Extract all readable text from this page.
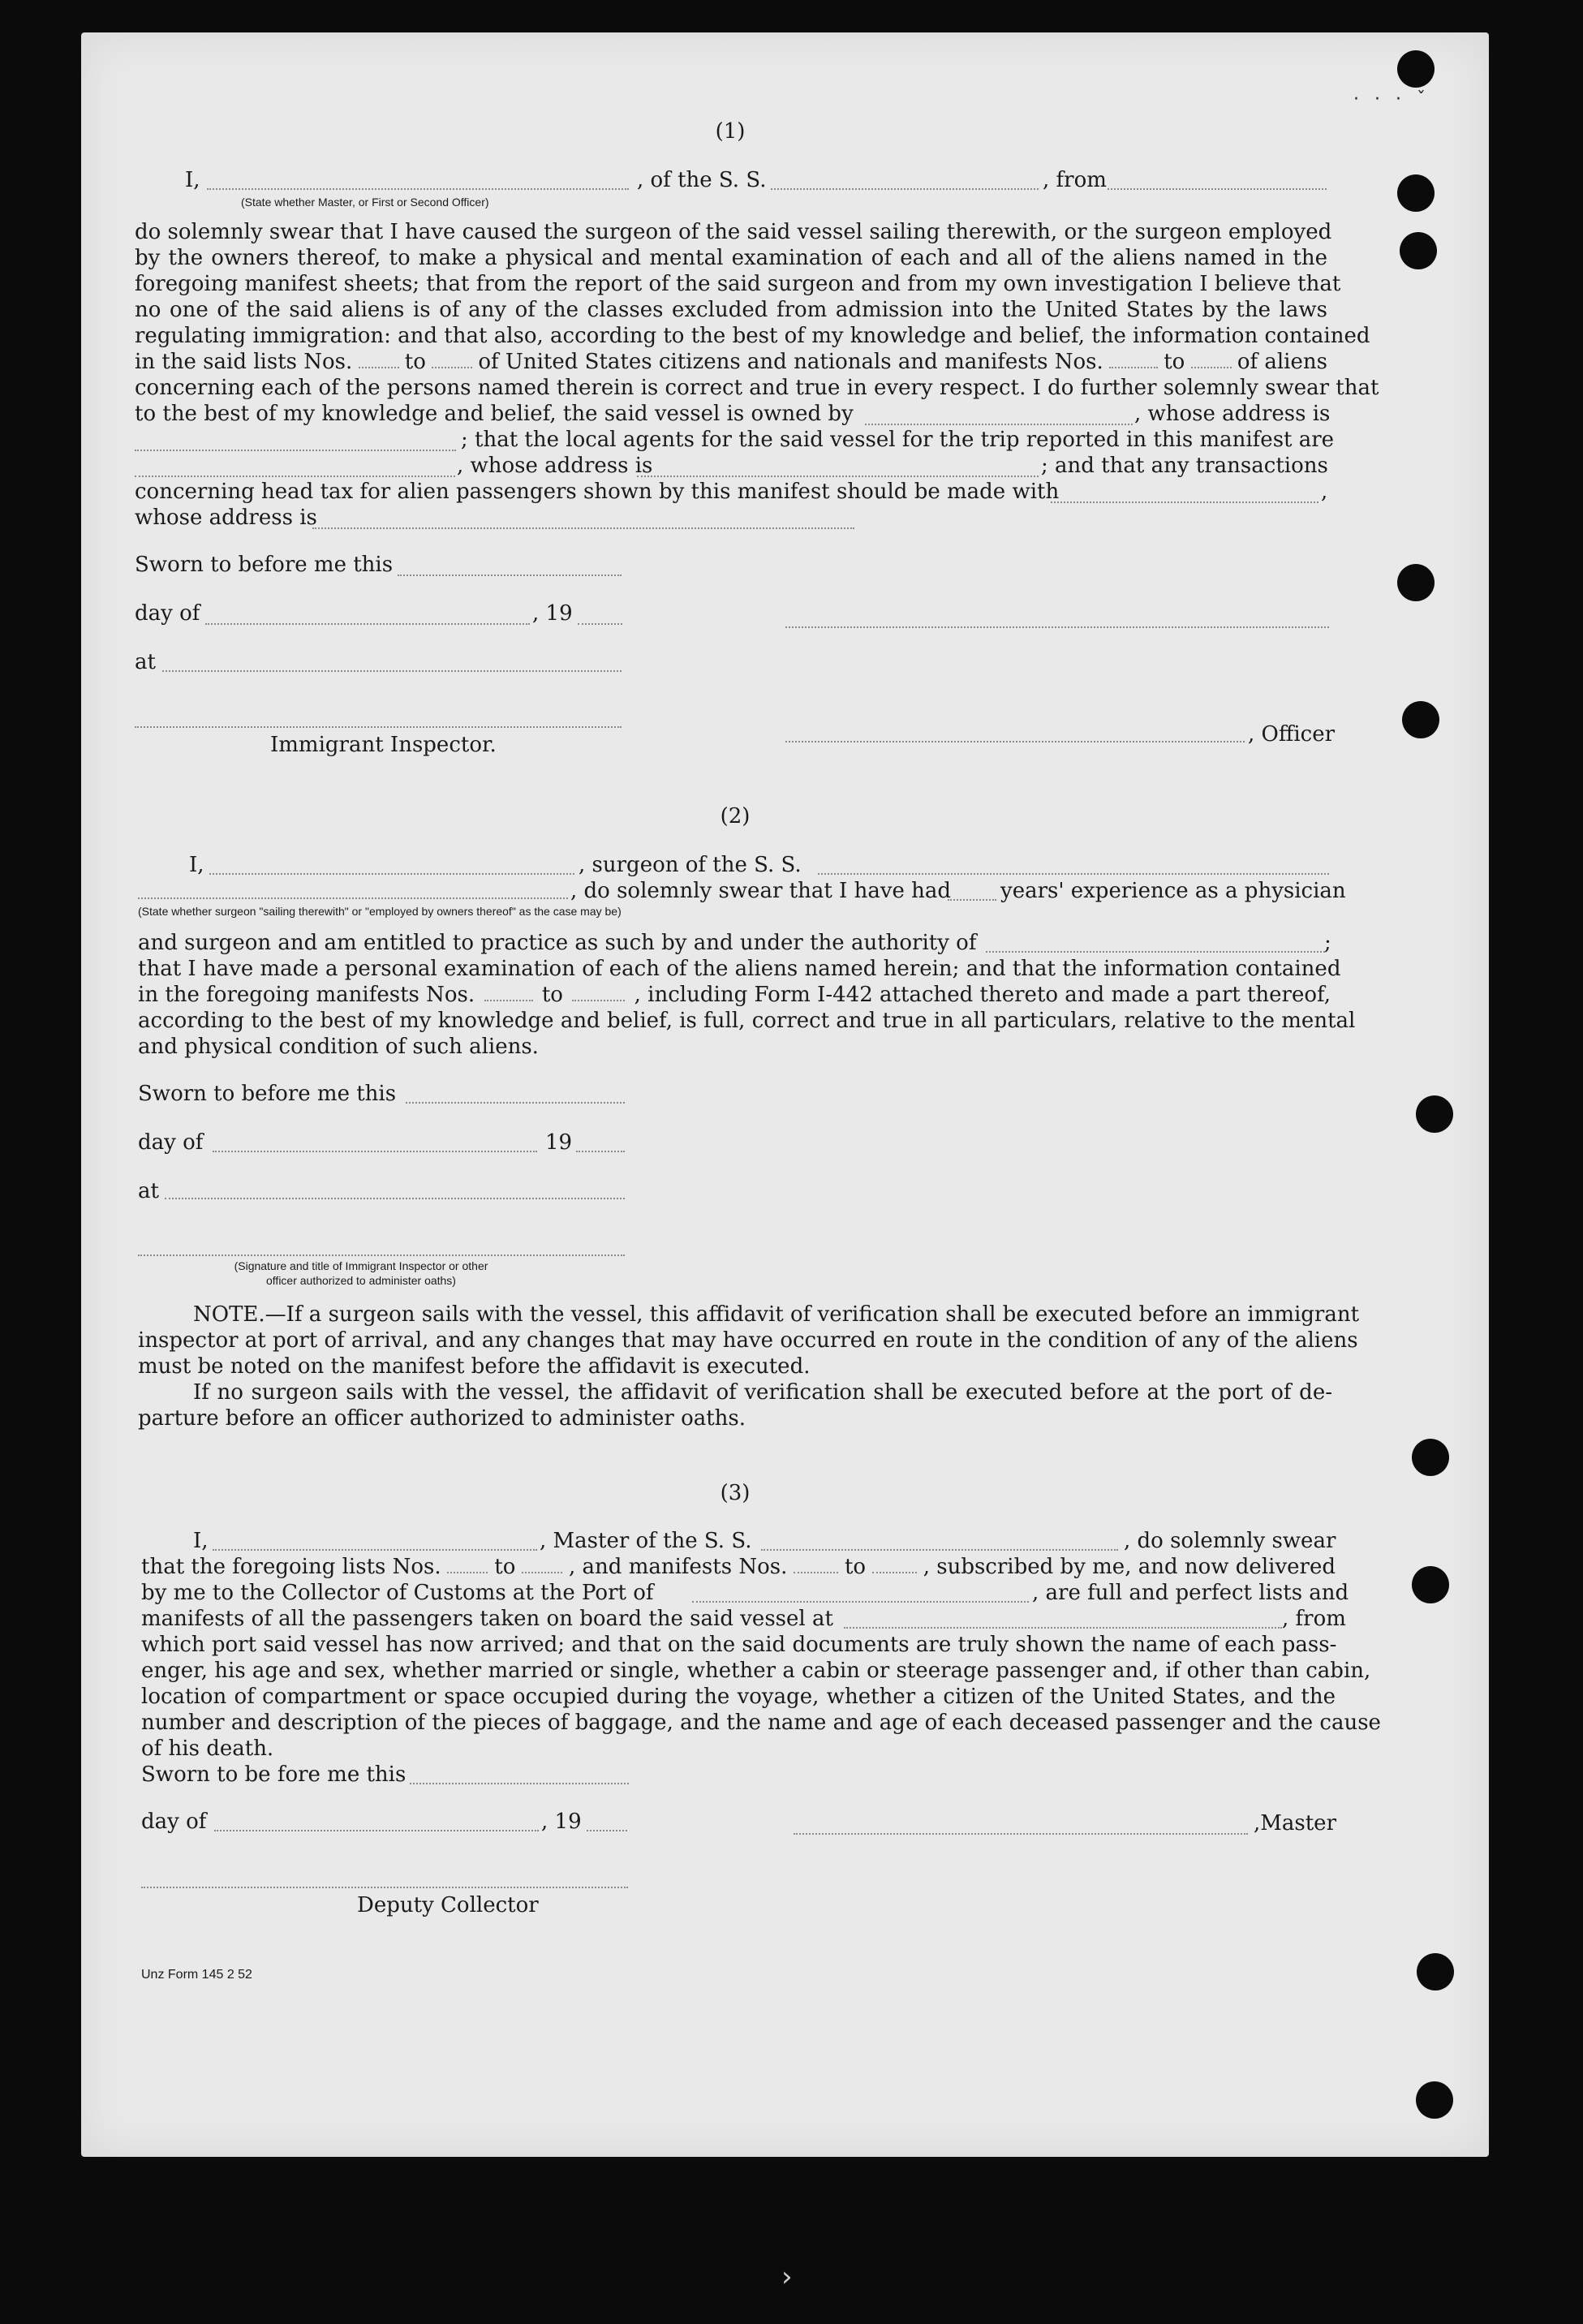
· · · ˇ
(1)
I,	, of the S. S.	, from
(State whether Master, or First or Second Officer)
do solemnly swear that I have caused the surgeon of the said vessel sailing therewith, or the surgeon employed
by the owners thereof, to make a physical and mental examination of each and all of the aliens named in the
foregoing manifest sheets; that from the report of the said surgeon and from my own investigation I believe that
no one of the said aliens is of any of the classes excluded from admission into the United States by the laws
regulating immigration: and that also, according to the best of my knowledge and belief, the information contained
in the said lists Nos. to of United States citizens and nationals and manifests Nos.	to of aliens
concerning each of the persons named therein is correct and true in every respect. I do further solemnly swear that
to the best of my knowledge and belief, the said vessel is owned by	, whose address is
; that the local agents for the said vessel for the trip reported in this manifest are
, whose address is	; and that any transactions
concerning head tax for alien passengers shown by this manifest should be made with	,
whose address is
Sworn to before me this
day of	, 19
at
Immigrant Inspector.	, Officer
(2)
I,	, surgeon of the S. S.
, do solemnly swear that I have had years' experience as a physician
(State whether surgeon "sailing therewith" or "employed by owners thereof" as the case may be)
and surgeon and am entitled to practice as such by and under the authority of	;
that I have made a personal examination of each of the aliens named herein; and that the information contained
in the foregoing manifests Nos.	to	, including Form I-442 attached thereto and made a part thereof,
according to the best of my knowledge and belief, is full, correct and true in all particulars, relative to the mental
and physical condition of such aliens.
Sworn to before me this
day of	19
at
(Signature and title of Immigrant Inspector or other
officer authorized to administer oaths)
NOTE.—If a surgeon sails with the vessel, this affidavit of verification shall be executed before an immigrant
inspector at port of arrival, and any changes that may have occurred en route in the condition of any of the aliens
must be noted on the manifest before the affidavit is executed.
If no surgeon sails with the vessel, the affidavit of verification shall be executed before at the port of de-
parture before an officer authorized to administer oaths.
(3)
I,	, Master of the S. S.	, do solemnly swear
that the foregoing lists Nos.	to	, and manifests Nos.	to	, subscribed by me, and now delivered
by me to the Collector of Customs at the Port of	, are full and perfect lists and
manifests of all the passengers taken on board the said vessel at	, from
which port said vessel has now arrived; and that on the said documents are truly shown the name of each pass-
enger, his age and sex, whether married or single, whether a cabin or steerage passenger and, if other than cabin,
location of compartment or space occupied during the voyage, whether a citizen of the United States, and the
number and description of the pieces of baggage, and the name and age of each deceased passenger and the cause
of his death.
Sworn to be fore me this
day of	, 19	,Master
Deputy Collector
Unz Form 145 2 52
›
